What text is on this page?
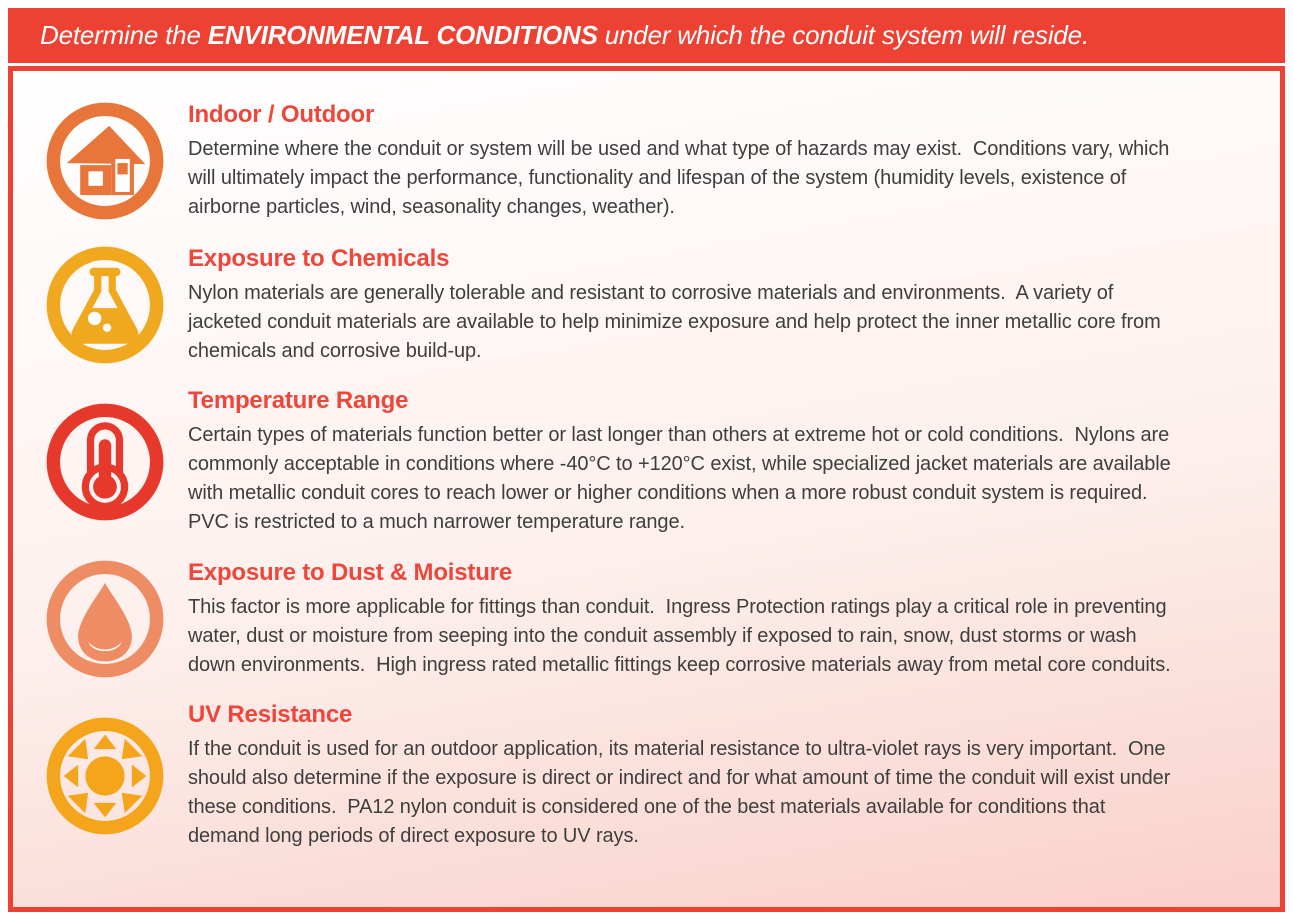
Determine the ENVIRONMENTAL CONDITIONS under which the conduit system will reside.
Indoor / Outdoor

Determine where the conduit or system will be used and what type of hazards may exist.  Conditions vary, which will ultimately impact the performance, functionality and lifespan of the system (humidity levels, existence of airborne particles, wind, seasonality changes, weather).

Exposure to Chemicals

Nylon materials are generally tolerable and resistant to corrosive materials and environments.  A variety of jacketed conduit materials are available to help minimize exposure and help protect the inner metallic core from chemicals and corrosive build-up.

Temperature Range

Certain types of materials function better or last longer than others at extreme hot or cold conditions.  Nylons are commonly acceptable in conditions where -40°C to +120°C exist, while specialized jacket materials are available with metallic conduit cores to reach lower or higher conditions when a more robust conduit system is required.  PVC is restricted to a much narrower temperature range.

Exposure to Dust & Moisture

This factor is more applicable for fittings than conduit.  Ingress Protection ratings play a critical role in preventing water, dust or moisture from seeping into the conduit assembly if exposed to rain, snow, dust storms or wash down environments.  High ingress rated metallic fittings keep corrosive materials away from metal core conduits.

UV Resistance

If the conduit is used for an outdoor application, its material resistance to ultra-violet rays is very important.  One should also determine if the exposure is direct or indirect and for what amount of time the conduit will exist under these conditions.  PA12 nylon conduit is considered one of the best materials available for conditions that demand long periods of direct exposure to UV rays.
